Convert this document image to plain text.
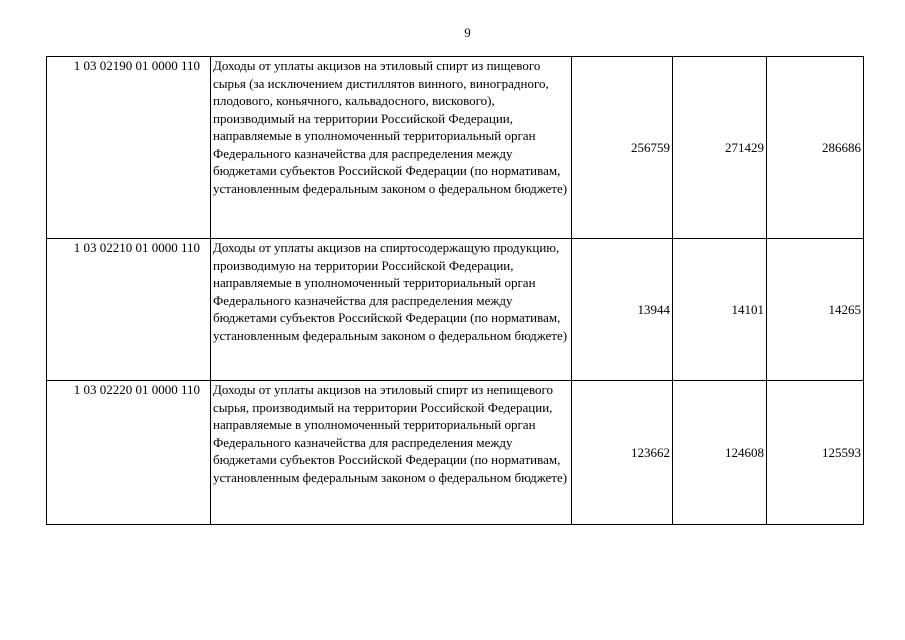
9
1 03 02190 01 0000 110	Доходы от уплаты акцизов на этиловый спирт из пищевого сырья (за исключением дистиллятов винного, виноградного, плодового, коньячного, кальвадосного, вискового), производимый на территории Российской Федерации, направляемые в уполномоченный территориальный орган Федерального казначейства для распределения между бюджетами субъектов Российской Федерации (по нормативам, установленным федеральным законом о федеральном бюджете)	256759	271429	286686
1 03 02210 01 0000 110	Доходы от уплаты акцизов на спиртосодержащую продукцию, производимую на территории Российской Федерации, направляемые в уполномоченный территориальный орган Федерального казначейства для распределения между бюджетами субъектов Российской Федерации (по нормативам, установленным федеральным законом о федеральном бюджете)	13944	14101	14265
1 03 02220 01 0000 110	Доходы от уплаты акцизов на этиловый спирт из непищевого сырья, производимый на территории Российской Федерации, направляемые в уполномоченный территориальный орган Федерального казначейства для распределения между бюджетами субъектов Российской Федерации (по нормативам, установленным федеральным законом о федеральном бюджете)	123662	124608	125593
